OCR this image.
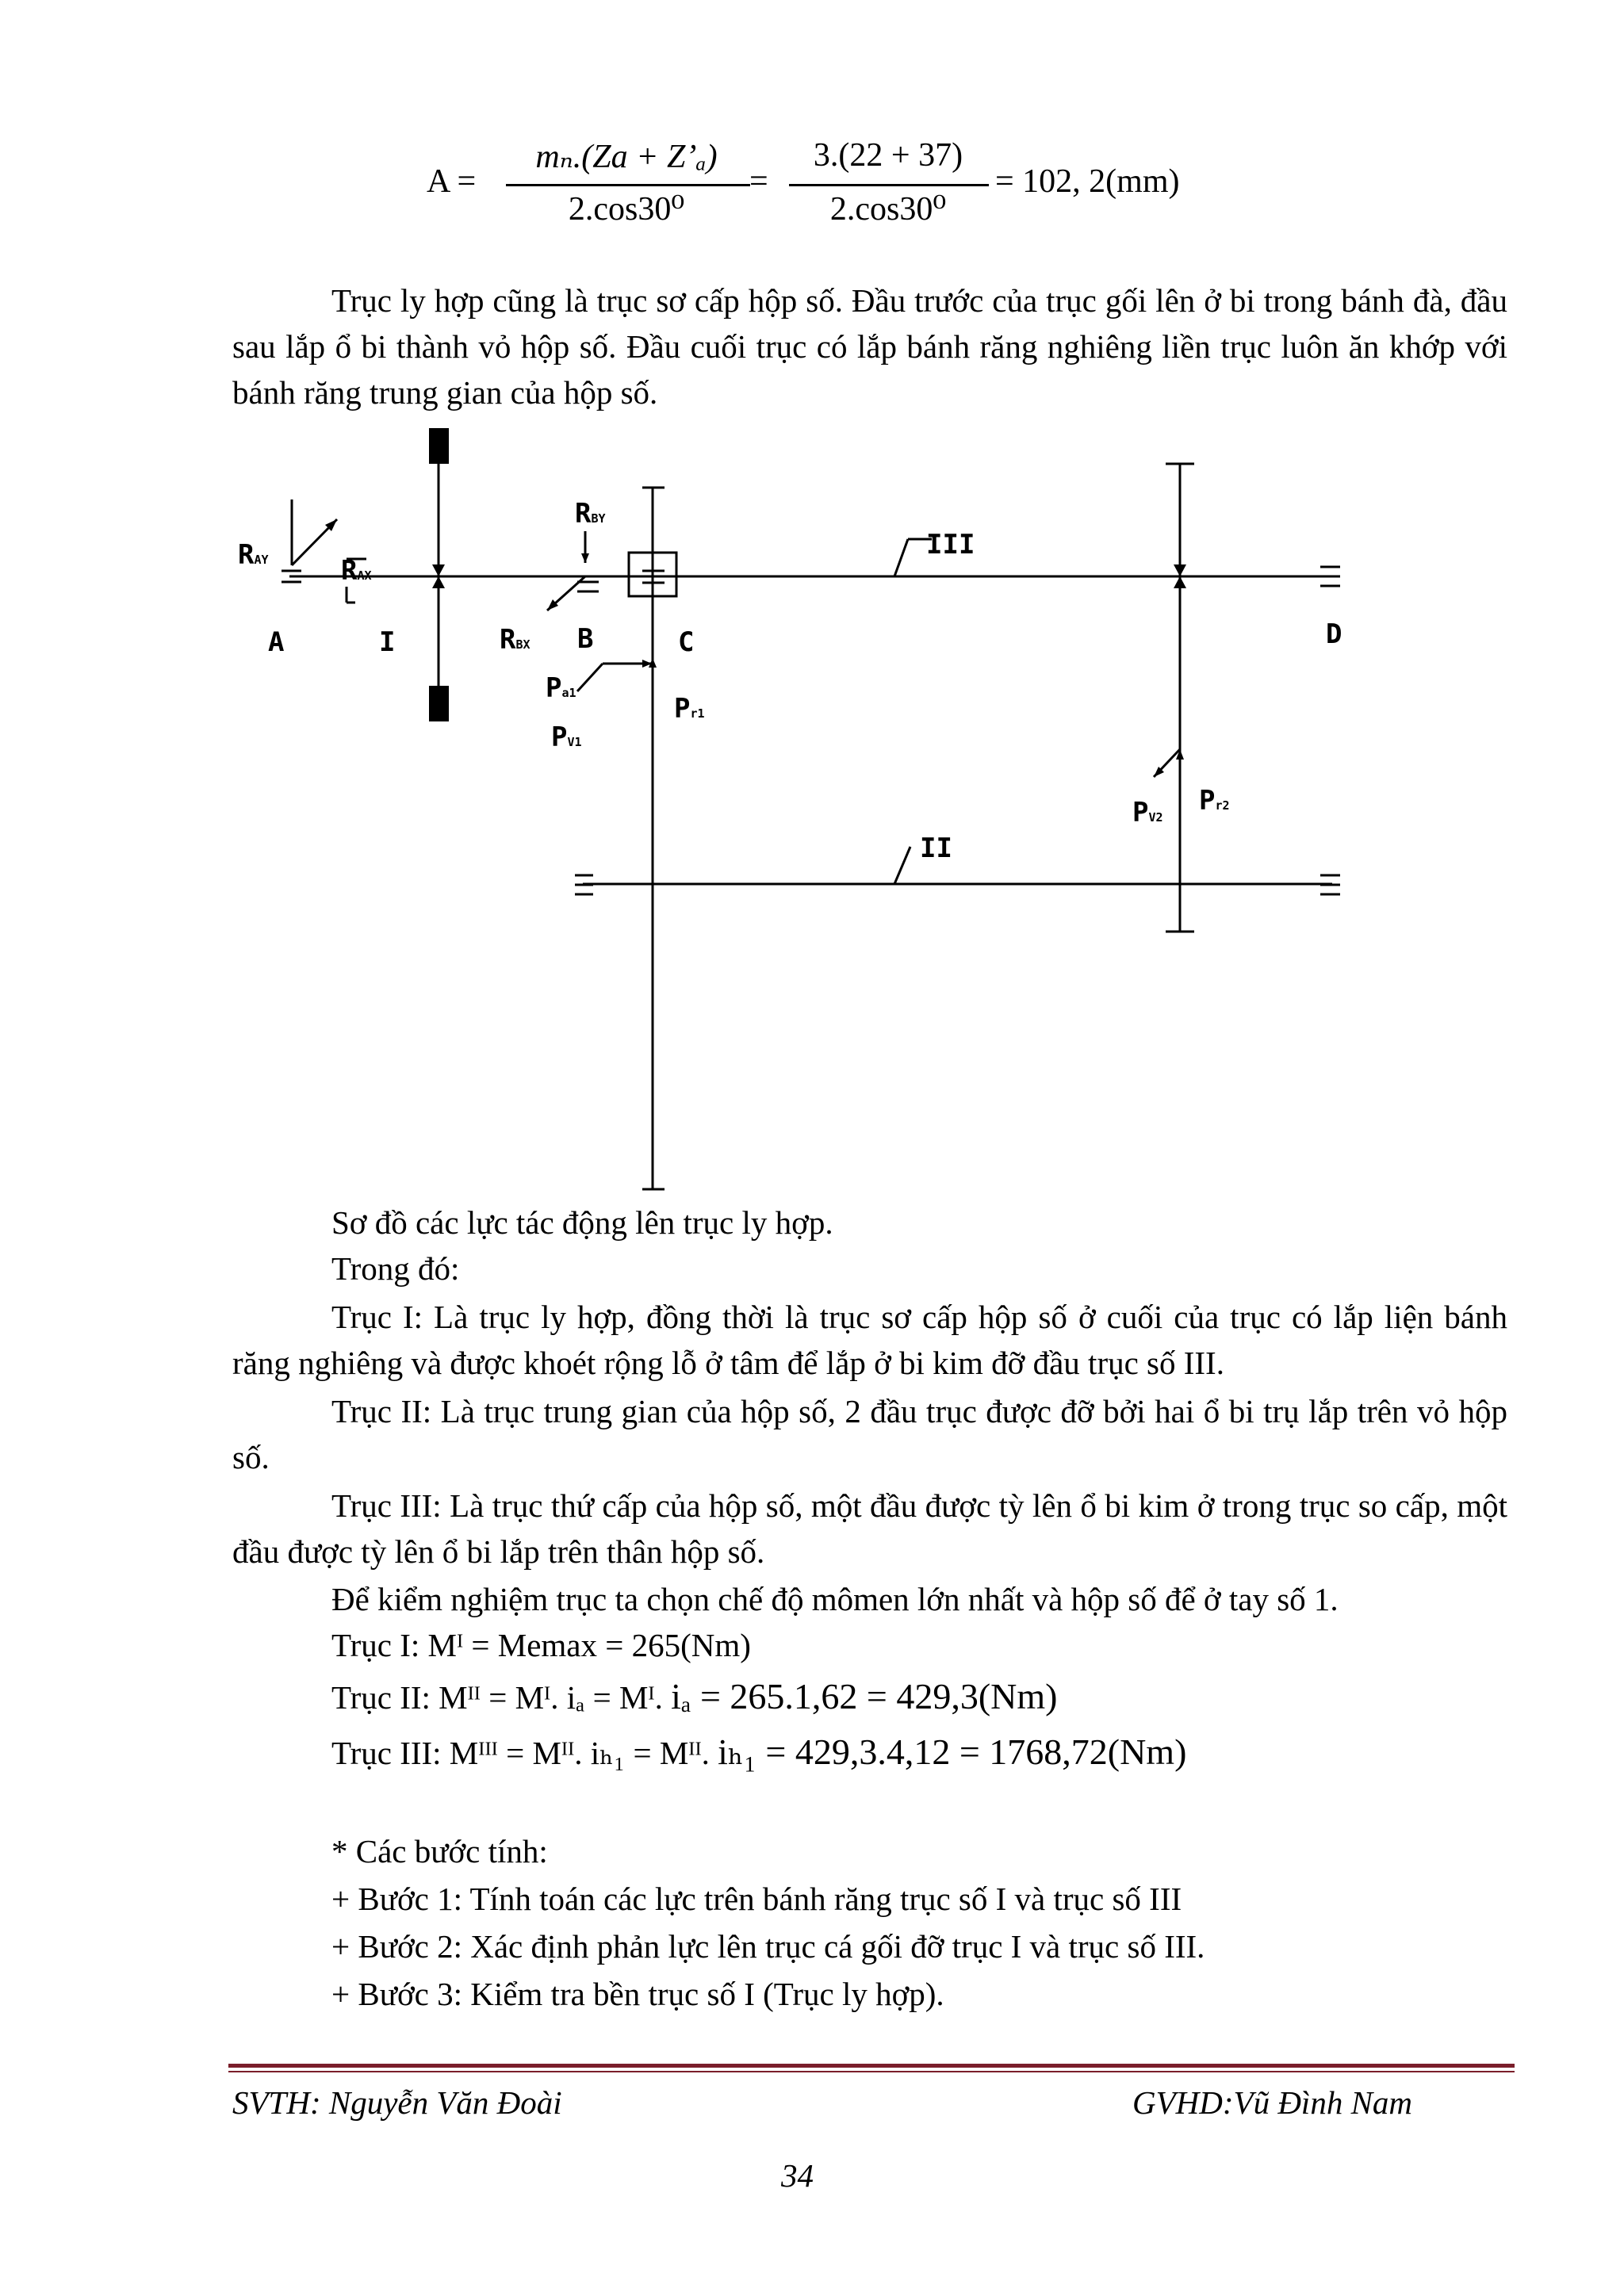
A =
mₙ.(Za + Z’ₐ)
2.cos30⁰
=
3.(22 + 37)
2.cos30⁰
= 102, 2(mm)
Trục ly hợp cũng là trục sơ cấp hộp số. Đầu trước của trục gối lên ở bi trong bánh đà, đầu sau lắp ổ bi thành vỏ hộp số. Đầu cuối trục có lắp bánh răng nghiêng liền trục luôn ăn khớp với bánh răng trung gian của hộp số.
RAY	RAX
RBY
RBX
A	I	B	C	D
III
II
Pa1
PV1
Pr1
PV2
Pr2
Sơ đồ các lực tác động lên trục ly hợp.
Trong đó:
Trục I: Là trục ly hợp, đồng thời là trục sơ cấp hộp số ở cuối của trục có lắp liện bánh răng nghiêng và được khoét rộng lỗ ở tâm để lắp ở bi kim đỡ đầu trục số III.
Trục II: Là trục trung gian của hộp số, 2 đầu trục được đỡ bởi hai ổ bi trụ lắp trên vỏ hộp số.
Trục III: Là trục thứ cấp của hộp số, một đầu được tỳ lên ổ bi kim ở trong trục so cấp, một đầu được tỳ lên ổ bi lắp trên thân hộp số.
Để kiểm nghiệm trục ta chọn chế độ mômen lớn nhất và hộp số để ở tay số 1.
Trục I: Mᴵ = Memax = 265(Nm)
Trục II: Mᴵᴵ = Mᴵ. iₐ = Mᴵ. iₐ = 265.1,62 = 429,3(Nm)
Trục III: Mᴵᴵᴵ = Mᴵᴵ. iₕ₁ = Mᴵᴵ. iₕ₁ = 429,3.4,12 = 1768,72(Nm)
* Các bước tính:
+ Bước 1: Tính toán các lực trên bánh răng trục số I và trục số III
+ Bước 2: Xác định phản lực lên trục cá gối đỡ trục I và trục số III.
+ Bước 3: Kiểm tra bền trục số I (Trục ly hợp).
SVTH: Nguyễn Văn Đoài	GVHD:Vũ Đình Nam
34
